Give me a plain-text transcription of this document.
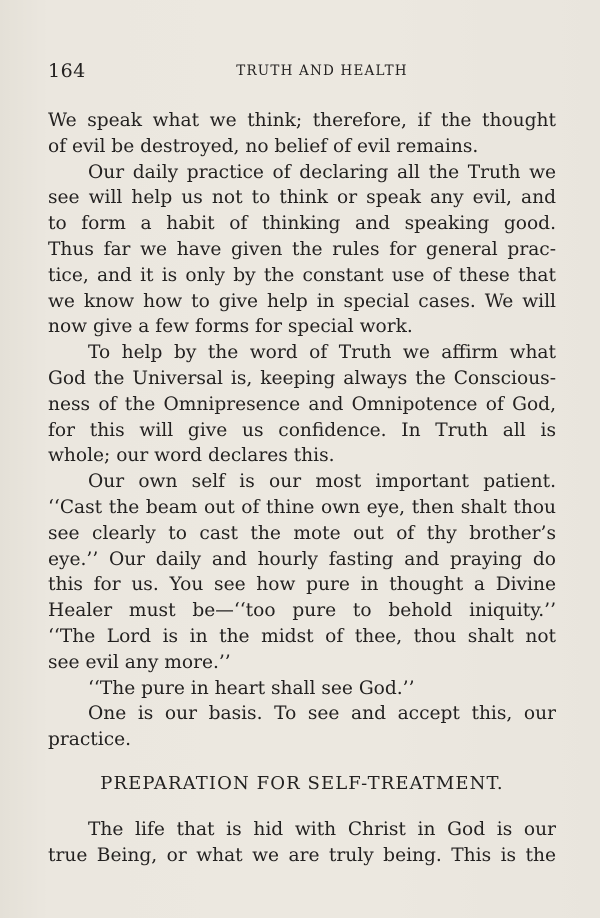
164	TRUTH AND HEALTH
We speak what we think; therefore, if the thought
of evil be destroyed, no belief of evil remains.
Our daily practice of declaring all the Truth we
see will help us not to think or speak any evil, and
to form a habit of thinking and speaking good.
Thus far we have given the rules for general prac-
tice, and it is only by the constant use of these that
we know how to give help in special cases. We will
now give a few forms for special work.
To help by the word of Truth we affirm what
God the Universal is, keeping always the Conscious-
ness of the Omnipresence and Omnipotence of God,
for this will give us confidence. In Truth all is
whole; our word declares this.
Our own self is our most important patient.
‘‘Cast the beam out of thine own eye, then shalt thou
see clearly to cast the mote out of thy brother’s
eye.’’ Our daily and hourly fasting and praying do
this for us. You see how pure in thought a Divine
Healer must be—‘‘too pure to behold iniquity.’’
‘‘The Lord is in the midst of thee, thou shalt not
see evil any more.’’
‘‘The pure in heart shall see God.’’
One is our basis. To see and accept this, our
practice.
PREPARATION FOR SELF-TREATMENT.
The life that is hid with Christ in God is our
true Being, or what we are truly being. This is the
